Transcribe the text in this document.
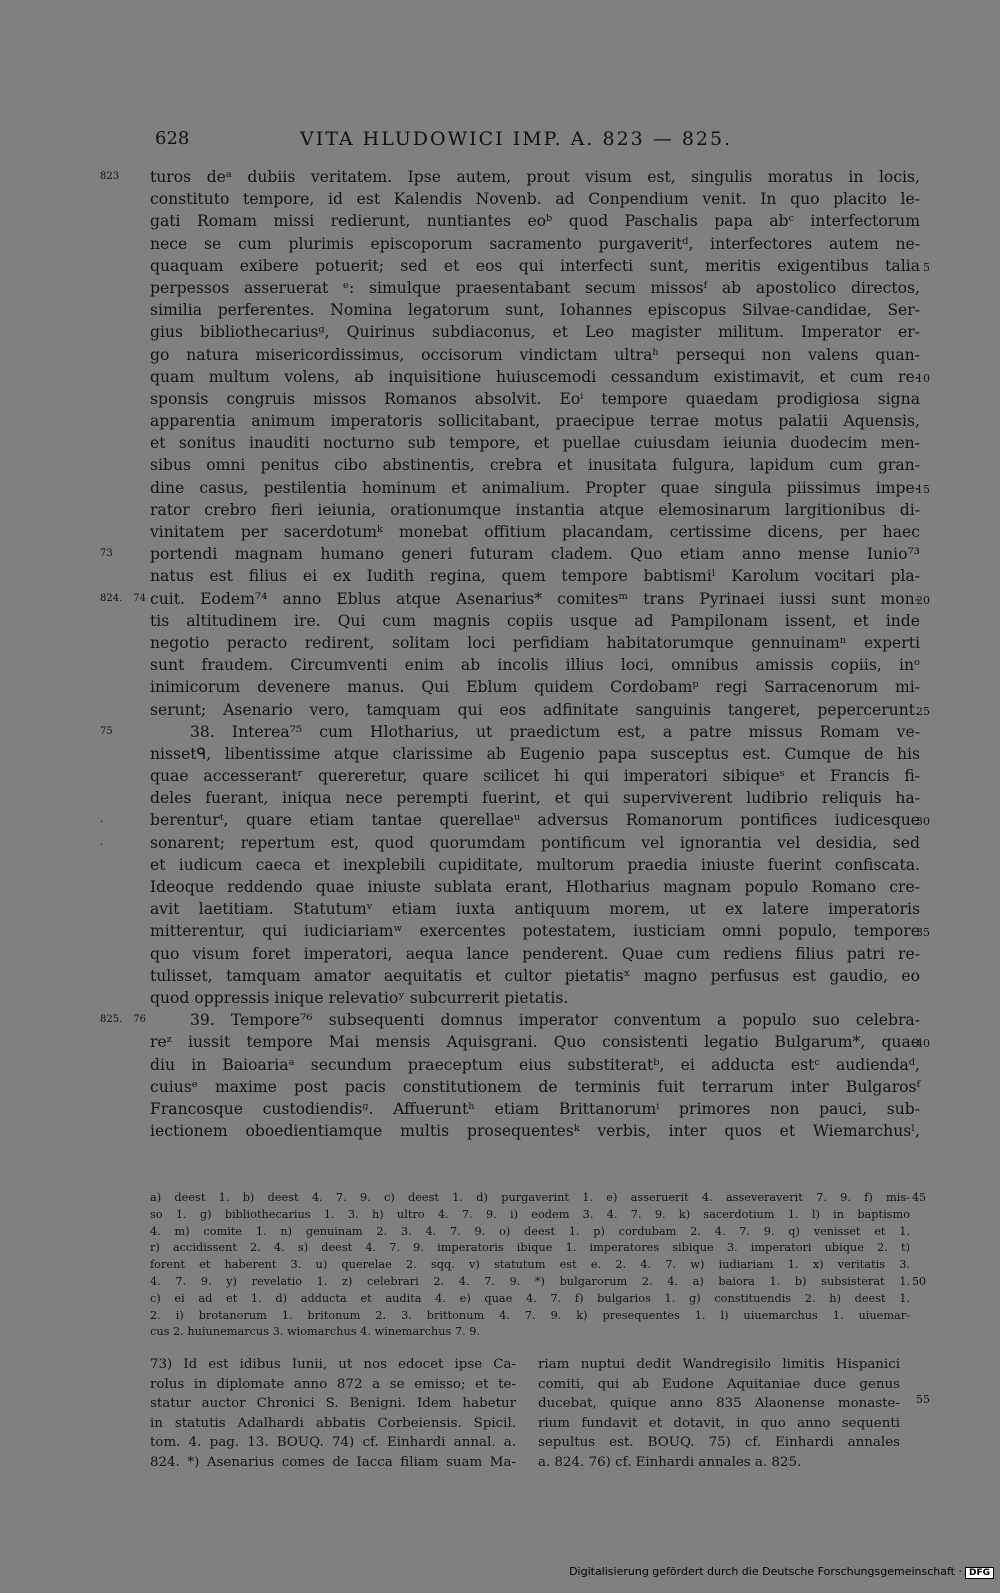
628	VITA HLUDOWICI IMP. A. 823 — 825.
turos deᵃ dubiis veritatem. Ipse autem, prout visum est, singulis moratus in locis,
823
constituto tempore, id est Kalendis Novenb. ad Conpendium venit. In quo placito le-
gati Romam missi redierunt, nuntiantes eoᵇ quod Paschalis papa abᶜ interfectorum
nece se cum plurimis episcoporum sacramento purgaveritᵈ, interfectores autem ne-
quaquam exibere potuerit; sed et eos qui interfecti sunt, meritis exigentibus talia 5
perpessos asseruerat ᵉ: simulque praesentabant secum missosᶠ ab apostolico directos,
similia perferentes. Nomina legatorum sunt, Iohannes episcopus Silvae-candidae, Ser-
gius bibliothecariusᵍ, Quirinus subdiaconus, et Leo magister militum. Imperator er-
go natura misericordissimus, occisorum vindictam ultraʰ persequi non valens quan-
quam multum volens, ab inquisitione huiuscemodi cessandum existimavit, et cum re-
10
sponsis congruis missos Romanos absolvit. Eoⁱ tempore quaedam prodigiosa signa
apparentia animum imperatoris sollicitabant, praecipue terrae motus palatii Aquensis,
et sonitus inauditi nocturno sub tempore, et puellae cuiusdam ieiunia duodecim men-
sibus omni penitus cibo abstinentis, crebra et inusitata fulgura, lapidum cum gran-
dine casus, pestilentia hominum et animalium. Propter quae singula piissimus impe-
15
rator crebro fieri ieiunia, orationumque instantia atque elemosinarum largitionibus di-
vinitatem per sacerdotumᵏ monebat offitium placandam, certissime dicens, per haec
portendi magnam humano generi futuram cladem. Quo etiam anno mense Iunio⁷³
73
natus est filius ei ex Iudith regina, quem tempore babtismiˡ Karolum vocitari pla-
cuit. Eodem⁷⁴ anno Eblus atque Asenarius* comitesᵐ trans Pyrinaei iussi sunt mon-
824. 74	20
tis altitudinem ire. Qui cum magnis copiis usque ad Pampilonam issent, et inde
negotio peracto redirent, solitam loci perfidiam habitatorumque gennuinamⁿ experti
sunt fraudem. Circumventi enim ab incolis illius loci, omnibus amissis copiis, inᵒ
inimicorum devenere manus. Qui Eblum quidem Cordobamᵖ regi Sarracenorum mi-
serunt; Asenario vero, tamquam qui eos adfinitate sanguinis tangeret, pepercerunt.
25
38. Interea⁷⁵ cum Hlotharius, ut praedictum est, a patre missus Romam ve-
75
nissetᑫ, libentissime atque clarissime ab Eugenio papa susceptus est. Cumque de his
quae accesserantʳ quereretur, quare scilicet hi qui imperatori sibiqueˢ et Francis fi-
deles fuerant, iniqua nece perempti fuerint, et qui superviverent ludibrio reliquis ha-
berenturᵗ, quare etiam tantae querellaeᵘ adversus Romanorum pontifices iudicesque
.	30
sonarent; repertum est, quod quorumdam pontificum vel ignorantia vel desidia, sed
.
et iudicum caeca et inexplebili cupiditate, multorum praedia iniuste fuerint confiscata.
Ideoque reddendo quae iniuste sublata erant, Hlotharius magnam populo Romano cre-
avit laetitiam. Statutumᵛ etiam iuxta antiquum morem, ut ex latere imperatoris
mitterentur, qui iudiciariamʷ exercentes potestatem, iusticiam omni populo, tempore
35
quo visum foret imperatori, aequa lance penderent. Quae cum rediens filius patri re-
tulisset, tamquam amator aequitatis et cultor pietatisˣ magno perfusus est gaudio, eo
quod oppressis inique relevatioʸ subcurrerit pietatis.
39. Tempore⁷⁶ subsequenti domnus imperator conventum a populo suo celebra-
825. 76
reᶻ iussit tempore Mai mensis Aquisgrani. Quo consistenti legatio Bulgarum*, quae
40
diu in Baioariaᵃ secundum praeceptum eius substiteratᵇ, ei adducta estᶜ audiendaᵈ,
cuiusᵉ maxime post pacis constitutionem de terminis fuit terrarum inter Bulgarosᶠ
Francosque custodiendisᵍ. Affueruntʰ etiam Brittanorumⁱ primores non pauci, sub-
iectionem oboedientiamque multis prosequentesᵏ verbis, inter quos et Wiemarchusˡ,
a) deest 1. b) deest 4. 7. 9. c) deest 1. d) purgaverint 1. e) asseruerit 4. asseveraverit 7. 9. f) mis- 45
so 1. g) bibliothecarius 1. 3. h) ultro 4. 7. 9. i) eodem 3. 4. 7. 9. k) sacerdotium 1. l) in baptismo
4. m) comite 1. n) genuinam 2. 3. 4. 7. 9. o) deest 1. p) cordubam 2. 4. 7. 9. q) venisset et 1.
r) accidissent 2. 4. s) deest 4. 7. 9. imperatoris ibique 1. imperatores sibique 3. imperatori ubique 2. t)
forent et haberent 3. u) querelae 2. sqq. v) statutum est e. 2. 4. 7. w) iudiariam 1. x) veritatis 3.
4. 7. 9. y) revelatio 1. z) celebrari 2. 4. 7. 9. *) bulgarorum 2. 4. a) baiora 1. b) subsisterat 1. 50
c) ei ad et 1. d) adducta et audita 4. e) quae 4. 7. f) bulgarios 1. g) constituendis 2. h) deest 1.
2. i) brotanorum 1. britonum 2. 3. brittonum 4. 7. 9. k) presequentes 1. l) uiuemarchus 1. uiuemar-
cus 2. huiunemarcus 3. wiomarchus 4. winemarchus 7. 9.
73) Id est idibus Iunii, ut nos edocet ipse Ca-
rolus in diplomate anno 872 a se emisso; et te-
statur auctor Chronici S. Benigni. Idem habetur
in statutis Adalhardi abbatis Corbeiensis. Spicil.
tom. 4. pag. 13. BOUQ. 74) cf. Einhardi annal. a.
824. *) Asenarius comes de Iacca filiam suam Ma-
55
riam nuptui dedit Wandregisilo limitis Hispanici
comiti, qui ab Eudone Aquitaniae duce genus
ducebat, quique anno 835 Alaonense monaste-
rium fundavit et dotavit, in quo anno sequenti
sepultus est. BOUQ. 75) cf. Einhardi annales
a. 824. 76) cf. Einhardi annales a. 825.
Digitalisierung gefördert durch die Deutsche Forschungsgemeinschaft · DFG
